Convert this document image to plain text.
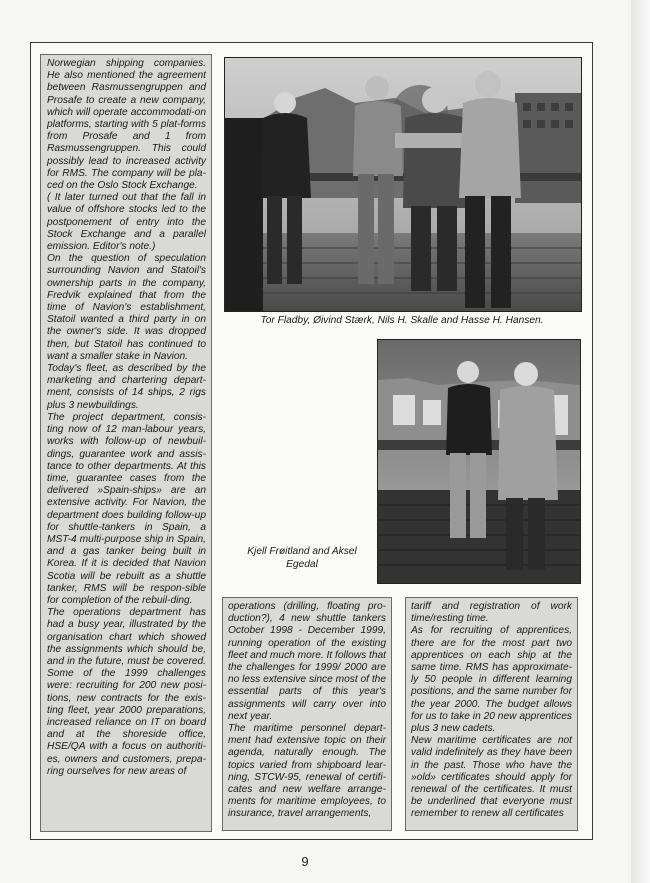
Norwegian shipping companies. He also mentioned the agreement between Rasmussengruppen and Prosafe to create a new company, which will operate accommodati-on platforms, starting with 5 plat-forms from Prosafe and 1 from Rasmussengruppen. This could possibly lead to increased activity for RMS. The company will be pla-ced on the Oslo Stock Exchange.

( It later turned out that the fall in value of offshore stocks led to the postponement of entry into the Stock Exchange and a parallel emission. Editor's note.)

On the question of speculation surrounding Navion and Statoil's ownership parts in the company, Fredvik explained that from the time of Navion's establishment, Statoil wanted a third party in on the owner's side. It was dropped then, but Statoil has continued to want a smaller stake in Navion.

Today's fleet, as described by the marketing and chartering depart-ment, consists of 14 ships, 2 rigs plus 3 newbuildings.

The project department, consis-ting now of 12 man-labour years, works with follow-up of newbuil-dings, guarantee work and assis-tance to other departments. At this time, guarantee cases from the delivered »Spain-ships» are an extensive activity. For Navion, the department does building follow-up for shuttle-tankers in Spain, a MST-4 multi-purpose ship in Spain, and a gas tanker being built in Korea. If it is decided that Navion Scotia will be rebuilt as a shuttle tanker, RMS will be respon-sible for completion of the rebuil-ding.

The operations department has had a busy year, illustrated by the organisation chart which showed the assignments which should be, and in the future, must be covered. Some of the 1999 challenges were: recruiting for 200 new posi-tions, new contracts for the exis-ting fleet, year 2000 preparations, increased reliance on IT on board and at the shoreside office, HSE/QA with a focus on authoriti-es, owners and customers, prepa-ring ourselves for new areas of

Tor Fladby, Øivind Stærk, Nils H. Skalle and Hasse H. Hansen.
Kjell Frøitland and Aksel Egedal

operations (drilling, floating pro-duction?), 4 new shuttle tankers October 1998 - December 1999, running operation of the existing fleet and much more. It follows that the challenges for 1999/ 2000 are no less extensive since most of the essential parts of this year's assignments will carry over into next year.

The maritime personnel depart-ment had extensive topic on their agenda, naturally enough. The topics varied from shipboard lear-ning, STCW-95, renewal of certifi-cates and new welfare arrange-ments for maritime employees, to insurance, travel arrangements,

tariff and registration of work time/resting time.

As for recruiting of apprentices, there are for the most part two apprentices on each ship at the same time. RMS has approximate-ly 50 people in different learning positions, and the same number for the year 2000. The budget allows for us to take in 20 new apprentices plus 3 new cadets.

New maritime certificates are not valid indefinitely as they have been in the past. Those who have the »old» certificates should apply for renewal of the certificates. It must be underlined that everyone must remember to renew all certificates

9
